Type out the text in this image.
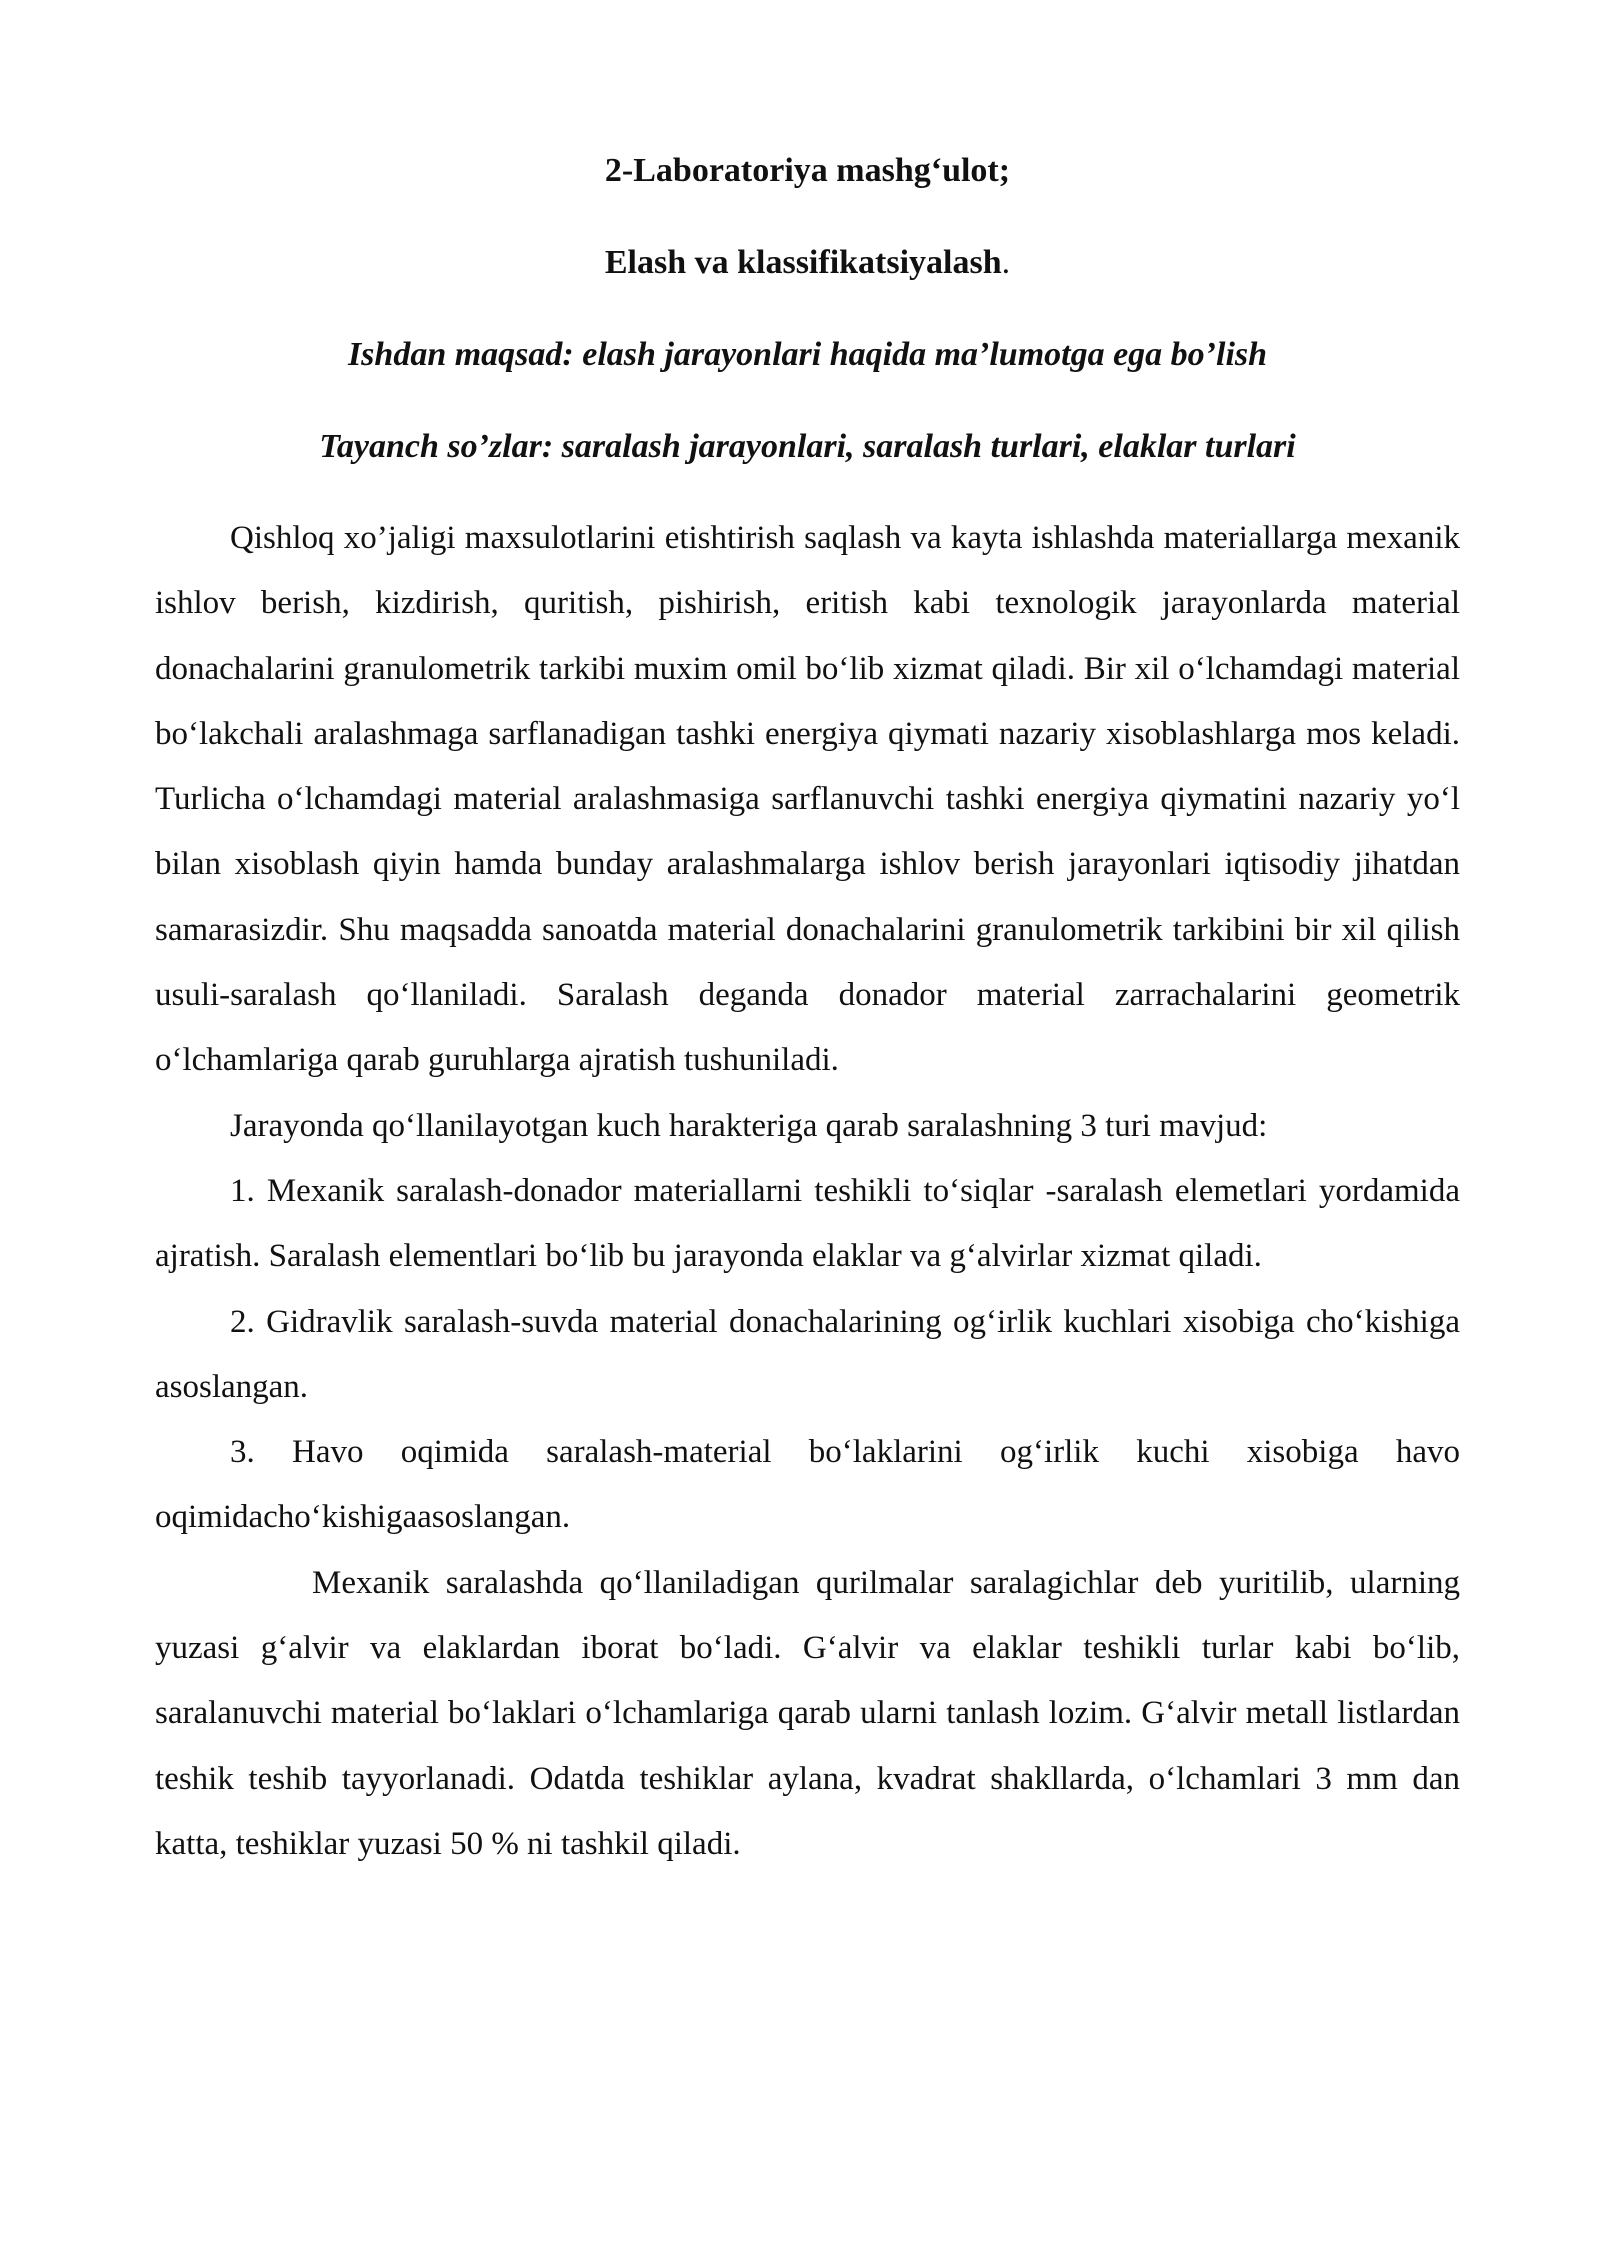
2-Laboratoriya mashg‘ulot;

Elash va klassifikatsiyalash.

Ishdan maqsad: elash jarayonlari haqida ma’lumotga ega bo’lish

Tayanch so’zlar: saralash jarayonlari, saralash turlari, elaklar turlari

Qishloq xo’jaligi maxsulotlarini etishtirish saqlash va kayta ishlashda materiallarga mexanik ishlov berish, kizdirish, quritish, pishirish, eritish kabi texnologik jarayonlarda material donachalarini granulometrik tarkibi muxim omil bo‘lib xizmat qiladi. Bir xil o‘lchamdagi material bo‘lakchali aralashmaga sarflanadigan tashki energiya qiymati nazariy xisoblashlarga mos keladi. Turlicha o‘lchamdagi material aralashmasiga sarflanuvchi tashki energiya qiymatini nazariy yo‘l bilan xisoblash qiyin hamda bunday aralashmalarga ishlov berish jarayonlari iqtisodiy jihatdan samarasizdir. Shu maqsadda sanoatda material donachalarini granulometrik tarkibini bir xil qilish usuli-saralash qo‘llaniladi. Saralash deganda donador material zarrachalarini geometrik o‘lchamlariga qarab guruhlarga ajratish tushuniladi.

Jarayonda qo‘llanilayotgan kuch harakteriga qarab saralashning 3 turi mavjud:

1. Mexanik saralash-donador materiallarni teshikli to‘siqlar -saralash elemetlari yordamida ajratish. Saralash elementlari bo‘lib bu jarayonda elaklar va g‘alvirlar xizmat qiladi.

2. Gidravlik saralash-suvda material donachalarining og‘irlik kuchlari xisobiga cho‘kishiga asoslangan.

3. Havo oqimida saralash-material bo‘laklarini og‘irlik kuchi xisobiga havo oqimidacho‘kishigaasoslangan.

Mexanik saralashda qo‘llaniladigan qurilmalar saralagichlar deb yuritilib, ularning yuzasi g‘alvir va elaklardan iborat bo‘ladi. G‘alvir va elaklar teshikli turlar kabi bo‘lib, saralanuvchi material bo‘laklari o‘lchamlariga qarab ularni tanlash lozim. G‘alvir metall listlardan teshik teshib tayyorlanadi. Odatda teshiklar aylana, kvadrat shakllarda, o‘lchamlari 3 mm dan katta, teshiklar yuzasi 50 % ni tashkil qiladi.
